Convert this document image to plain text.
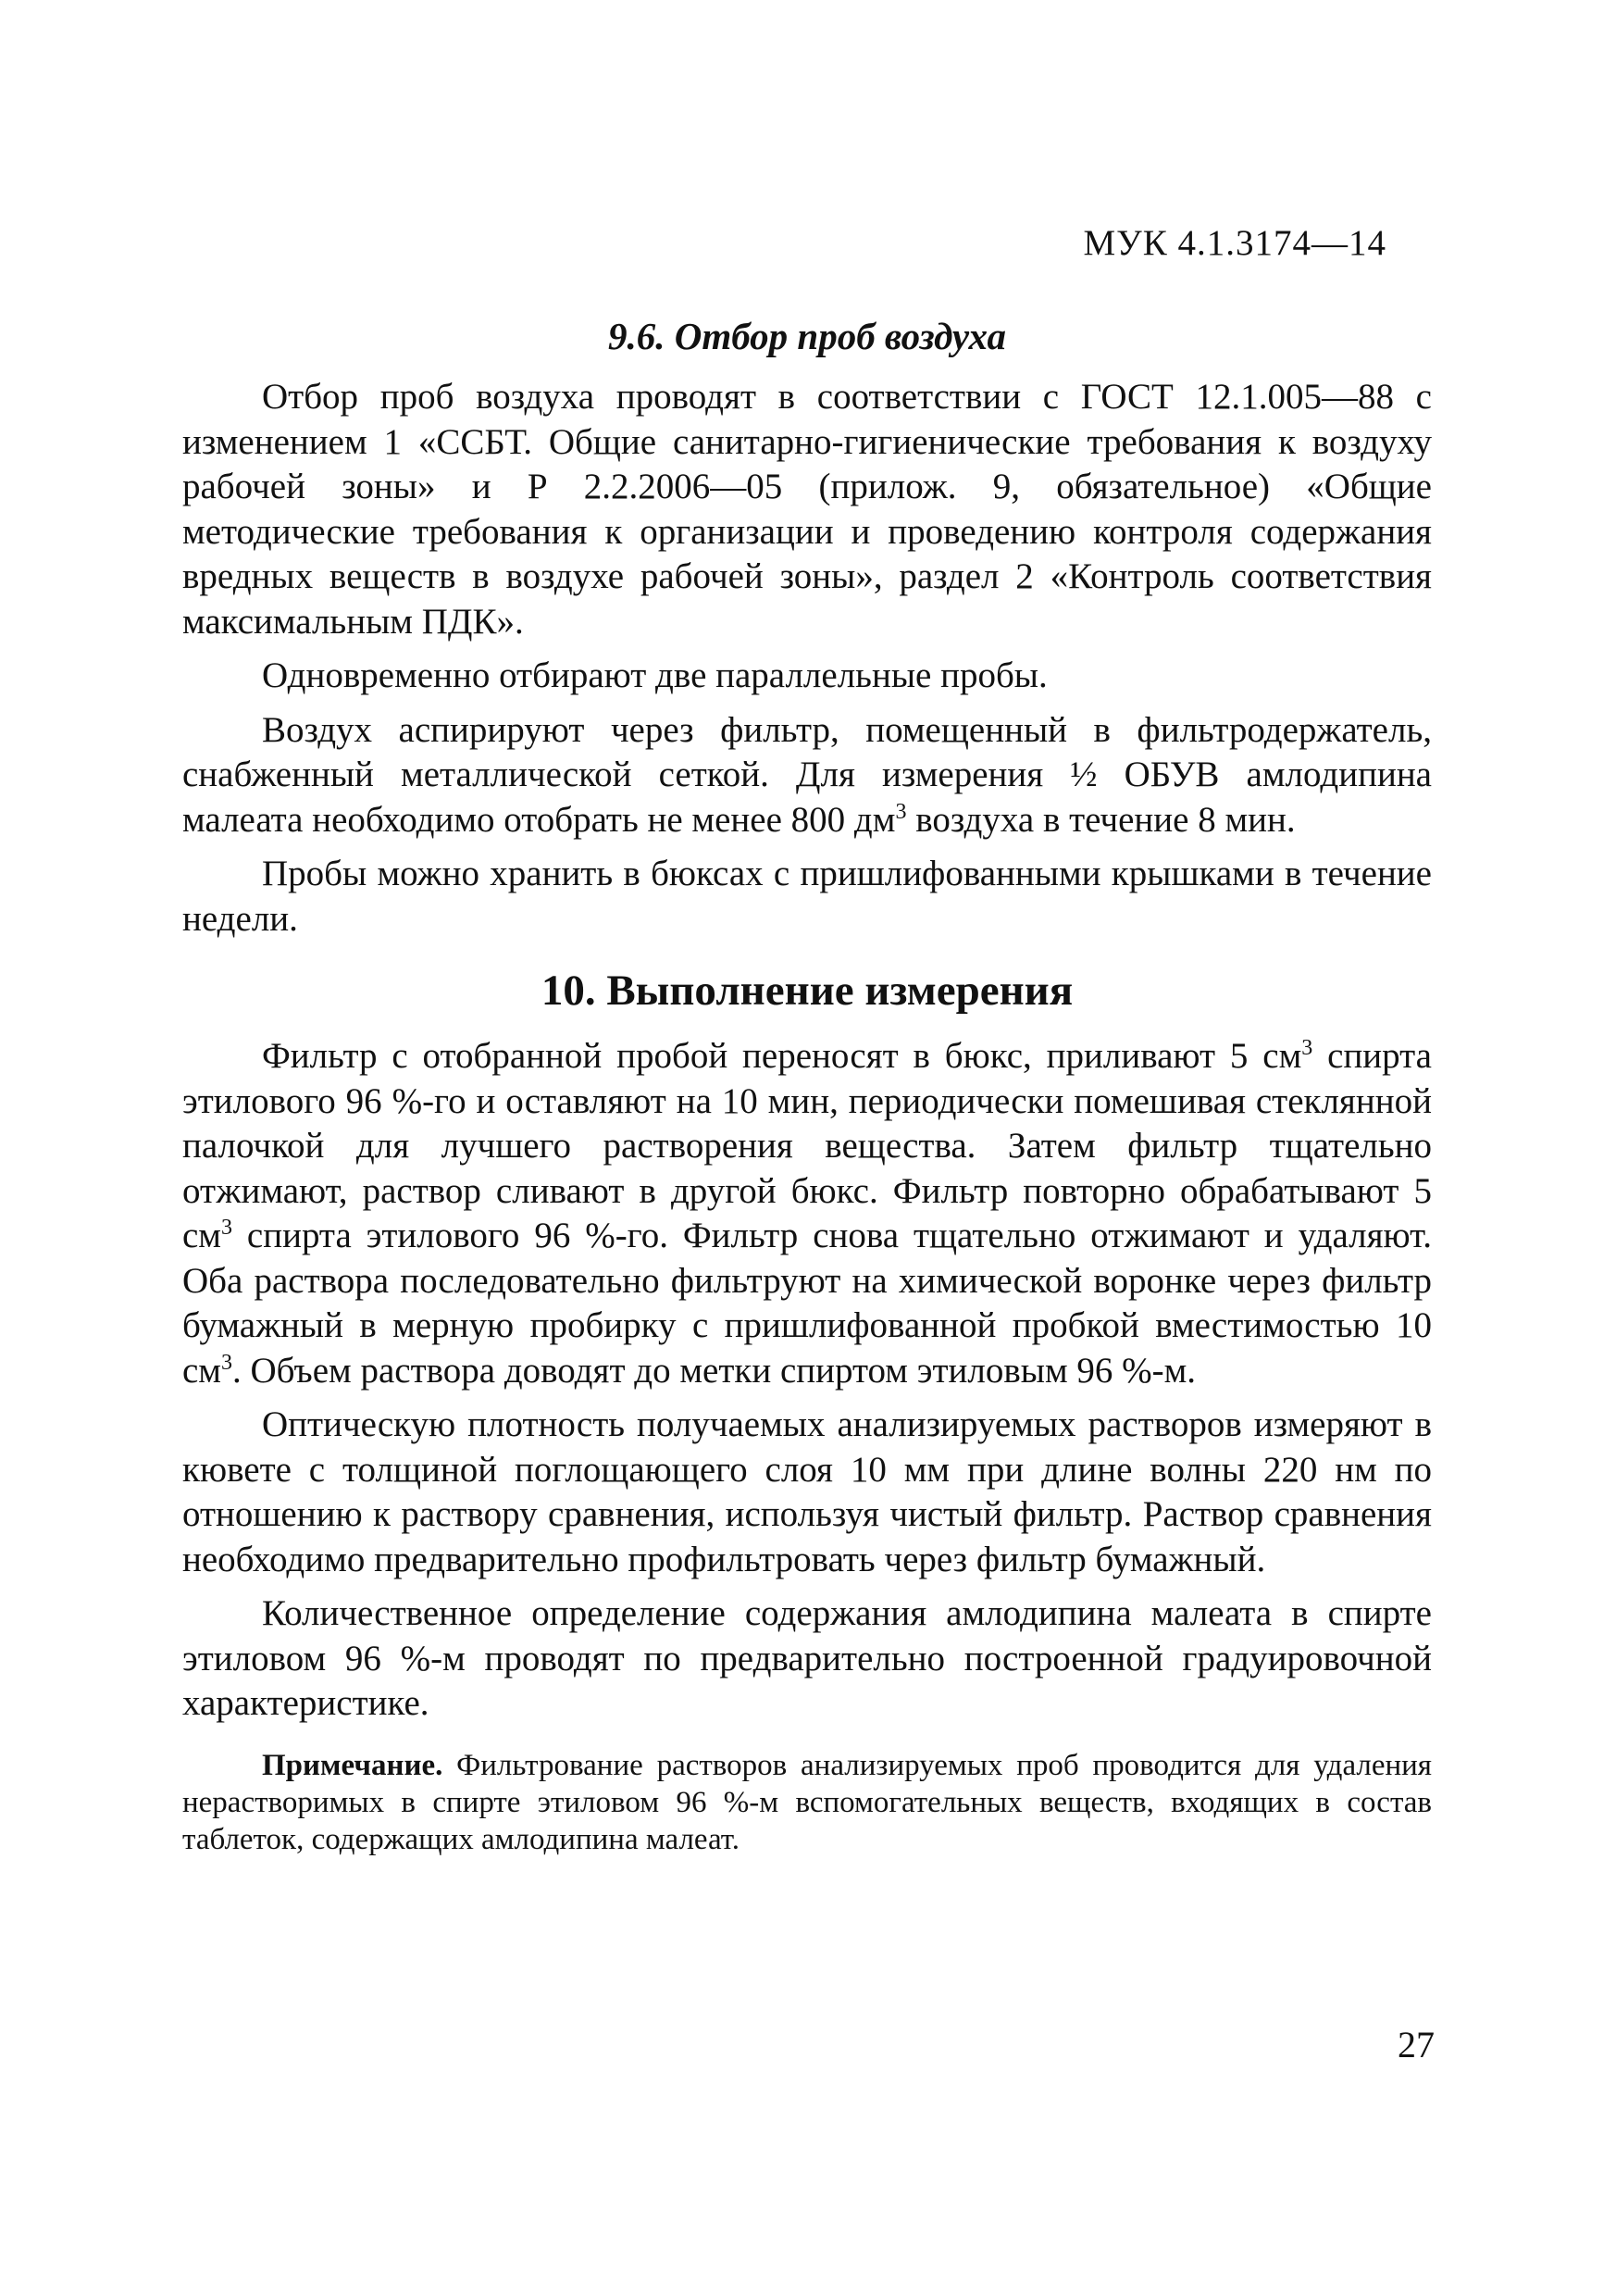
МУК 4.1.3174—14
9.6. Отбор проб воздуха

Отбор проб воздуха проводят в соответствии с ГОСТ 12.1.005—88 с изменением 1 «ССБТ. Общие санитарно-гигиенические требования к воздуху рабочей зоны» и Р 2.2.2006—05 (прилож. 9, обязательное) «Общие методические требования к организации и проведению контроля содержания вредных веществ в воздухе рабочей зоны», раздел 2 «Контроль соответствия максимальным ПДК».

Одновременно отбирают две параллельные пробы.

Воздух аспирируют через фильтр, помещенный в фильтродержатель, снабженный металлической сеткой. Для измерения ½ ОБУВ амлодипина малеата необходимо отобрать не менее 800 $дм^3$ воздуха в течение 8 мин.

Пробы можно хранить в бюксах с пришлифованными крышками в течение недели.

10. Выполнение измерения

Фильтр с отобранной пробой переносят в бюкс, приливают 5 $см^3$ спирта этилового 96 %-го и оставляют на 10 мин, периодически помешивая стеклянной палочкой для лучшего растворения вещества. Затем фильтр тщательно отжимают, раствор сливают в другой бюкс. Фильтр повторно обрабатывают 5 $см^3$ спирта этилового 96 %-го. Фильтр снова тщательно отжимают и удаляют. Оба раствора последовательно фильтруют на химической воронке через фильтр бумажный в мерную пробирку с пришлифованной пробкой вместимостью 10 $см^3$. Объем раствора доводят до метки спиртом этиловым 96 %-м.

Оптическую плотность получаемых анализируемых растворов измеряют в кювете с толщиной поглощающего слоя 10 мм при длине волны 220 нм по отношению к раствору сравнения, используя чистый фильтр. Раствор сравнения необходимо предварительно профильтровать через фильтр бумажный.

Количественное определение содержания амлодипина малеата в спирте этиловом 96 %-м проводят по предварительно построенной градуировочной характеристике.

Примечание. Фильтрование растворов анализируемых проб проводится для удаления нерастворимых в спирте этиловом 96 %-м вспомогательных веществ, входящих в состав таблеток, содержащих амлодипина малеат.

27
